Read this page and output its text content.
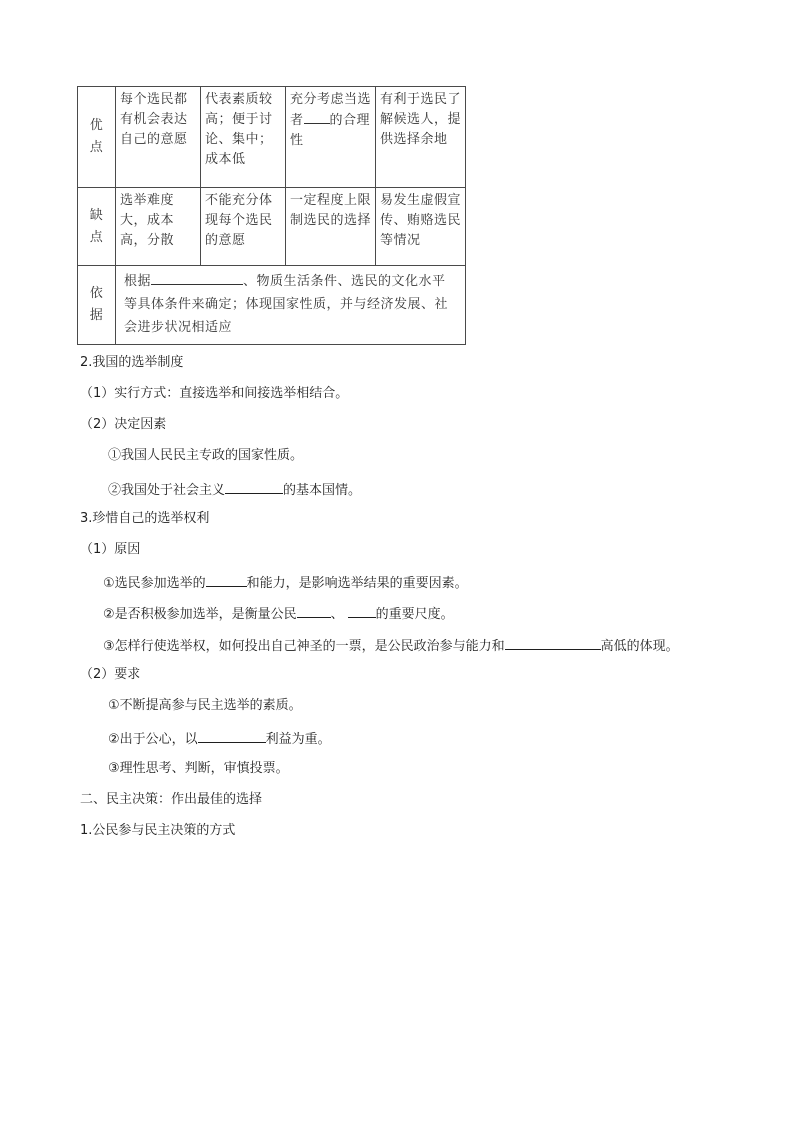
优点	每个选民都有机会表达自己的意愿	代表素质较高；便于讨论、集中；成本低	充分考虑当选者 的合理性	有利于选民了解候选人，提供选择余地

缺点	选举难度大，成本高，分散	不能充分体现每个选民的意愿	一定程度上限制选民的选择	易发生虚假宣传、贿赂选民等情况

依据	根据 、物质生活条件、选民的文化水平等具体条件来确定；体现国家性质，并与经济发展、社会进步状况相适应			
2.我国的选举制度
（1）实行方式：直接选举和间接选举相结合。
（2）决定因素
①我国人民民主专政的国家性质。
②我国处于社会主义	的基本国情。
3.珍惜自己的选举权利
（1）原因
①选民参加选举的	和能力，是影响选举结果的重要因素。
②是否积极参加选举，是衡量公民	、 的重要尺度。
③怎样行使选举权，如何投出自己神圣的一票，是公民政治参与能力和	高低的体现。
（2）要求
①不断提高参与民主选举的素质。
②出于公心，以	利益为重。
③理性思考、判断，审慎投票。
二、民主决策：作出最佳的选择
1.公民参与民主决策的方式
